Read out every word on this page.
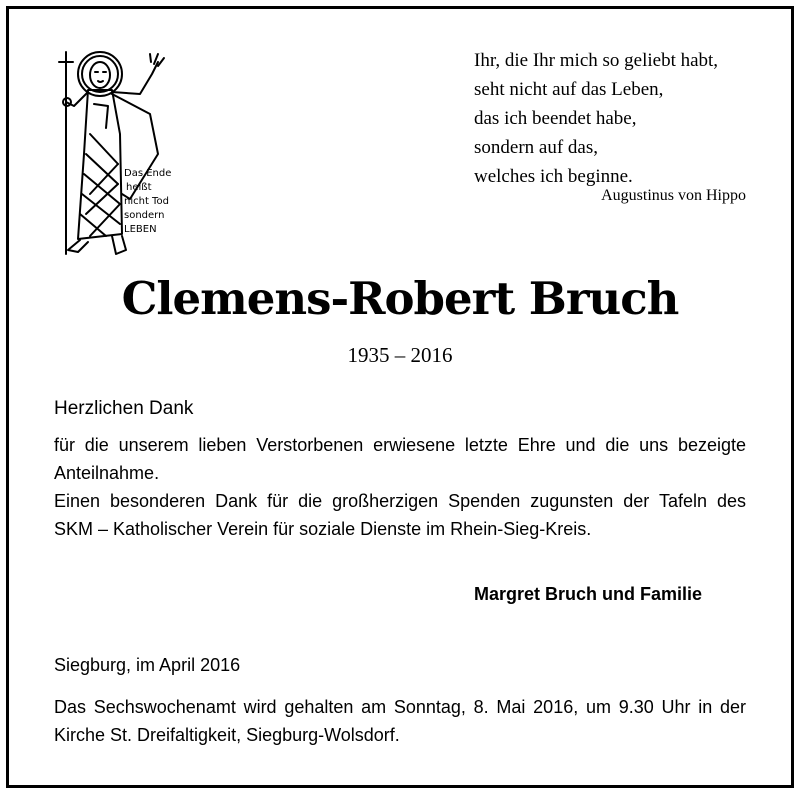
Das Ende
heißt
nicht Tod
sondern
LEBEN
Ihr, die Ihr mich so geliebt habt,
seht nicht auf das Leben,
das ich beendet habe,
sondern auf das,
welches ich beginne.
Augustinus von Hippo
Clemens-Robert Bruch
1935 – 2016
Herzlichen Dank
für die unserem lieben Verstorbenen erwiesene letzte Ehre und die uns bezeigte
Anteilnahme.
Einen besonderen Dank für die großherzigen Spenden zugunsten der Tafeln des
SKM – Katholischer Verein für soziale Dienste im Rhein-Sieg-Kreis.
Margret Bruch und Familie
Siegburg, im April 2016
Das Sechswochenamt wird gehalten am Sonntag, 8. Mai 2016, um 9.30 Uhr in der
Kirche St. Dreifaltigkeit, Siegburg-Wolsdorf.
